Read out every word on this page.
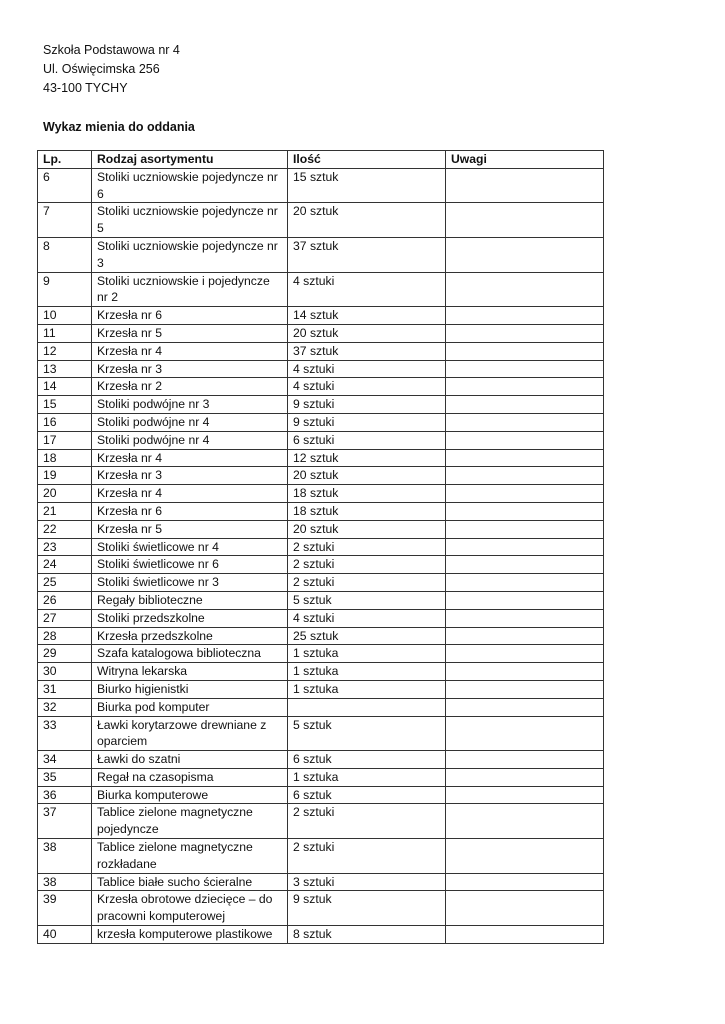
Szkoła Podstawowa nr 4
Ul. Oświęcimska 256
43-100 TYCHY
Wykaz mienia do oddania
Lp.	Rodzaj asortymentu	Ilość	Uwagi
6	Stoliki uczniowskie pojedyncze nr 6	15 sztuk	
7	Stoliki uczniowskie pojedyncze nr 5	20 sztuk	
8	Stoliki uczniowskie pojedyncze nr 3	37 sztuk	
9	Stoliki uczniowskie i pojedyncze nr 2	4 sztuki	
10	Krzesła nr 6	14 sztuk	
11	Krzesła nr 5	20 sztuk	
12	Krzesła nr 4	37 sztuk	
13	Krzesła nr 3	4 sztuki	
14	Krzesła nr 2	4 sztuki	
15	Stoliki podwójne nr 3	9 sztuki	
16	Stoliki podwójne nr 4	9 sztuki	
17	Stoliki podwójne nr 4	6 sztuki	
18	Krzesła nr 4	12 sztuk	
19	Krzesła nr 3	20 sztuk	
20	Krzesła nr 4	18 sztuk	
21	Krzesła nr 6	18 sztuk	
22	Krzesła nr 5	20 sztuk	
23	Stoliki świetlicowe nr 4	2 sztuki	
24	Stoliki świetlicowe nr 6	2 sztuki	
25	Stoliki świetlicowe nr 3	2 sztuki	
26	Regały biblioteczne	5 sztuk	
27	Stoliki przedszkolne	4 sztuki	
28	Krzesła przedszkolne	25 sztuk	
29	Szafa katalogowa biblioteczna	1 sztuka	
30	Witryna lekarska	1 sztuka	
31	Biurko higienistki	1 sztuka	
32	Biurka pod komputer		
33	Ławki korytarzowe drewniane z oparciem	5 sztuk	
34	Ławki do szatni	6 sztuk	
35	Regał na czasopisma	1 sztuka	
36	Biurka komputerowe	6 sztuk	
37	Tablice zielone magnetyczne pojedyncze	2 sztuki	
38	Tablice zielone magnetyczne rozkładane	2 sztuki	
38	Tablice białe sucho ścieralne	3 sztuki	
39	Krzesła obrotowe dziecięce – do pracowni komputerowej	9 sztuk	
40	krzesła komputerowe plastikowe	8 sztuk	
